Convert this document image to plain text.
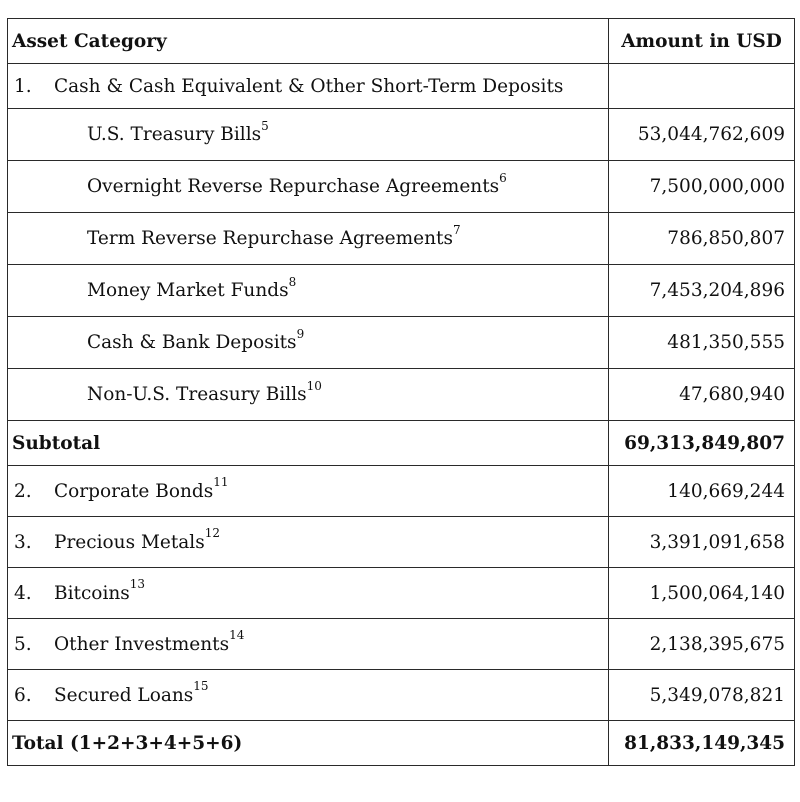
Asset Category	Amount in USD
1. Cash & Cash Equivalent & Other Short-Term Deposits	
U.S. Treasury Bills$^5$	53,044,762,609
Overnight Reverse Repurchase Agreements$^6$	7,500,000,000
Term Reverse Repurchase Agreements$^7$	786,850,807
Money Market Funds$^8$	7,453,204,896
Cash & Bank Deposits$^9$	481,350,555
Non-U.S. Treasury Bills$^{10}$	47,680,940
Subtotal	69,313,849,807
2. Corporate Bonds$^{11}$	140,669,244
3. Precious Metals$^{12}$	3,391,091,658
4. Bitcoins$^{13}$	1,500,064,140
5. Other Investments$^{14}$	2,138,395,675
6. Secured Loans$^{15}$	5,349,078,821
Total (1+2+3+4+5+6)	81,833,149,345
